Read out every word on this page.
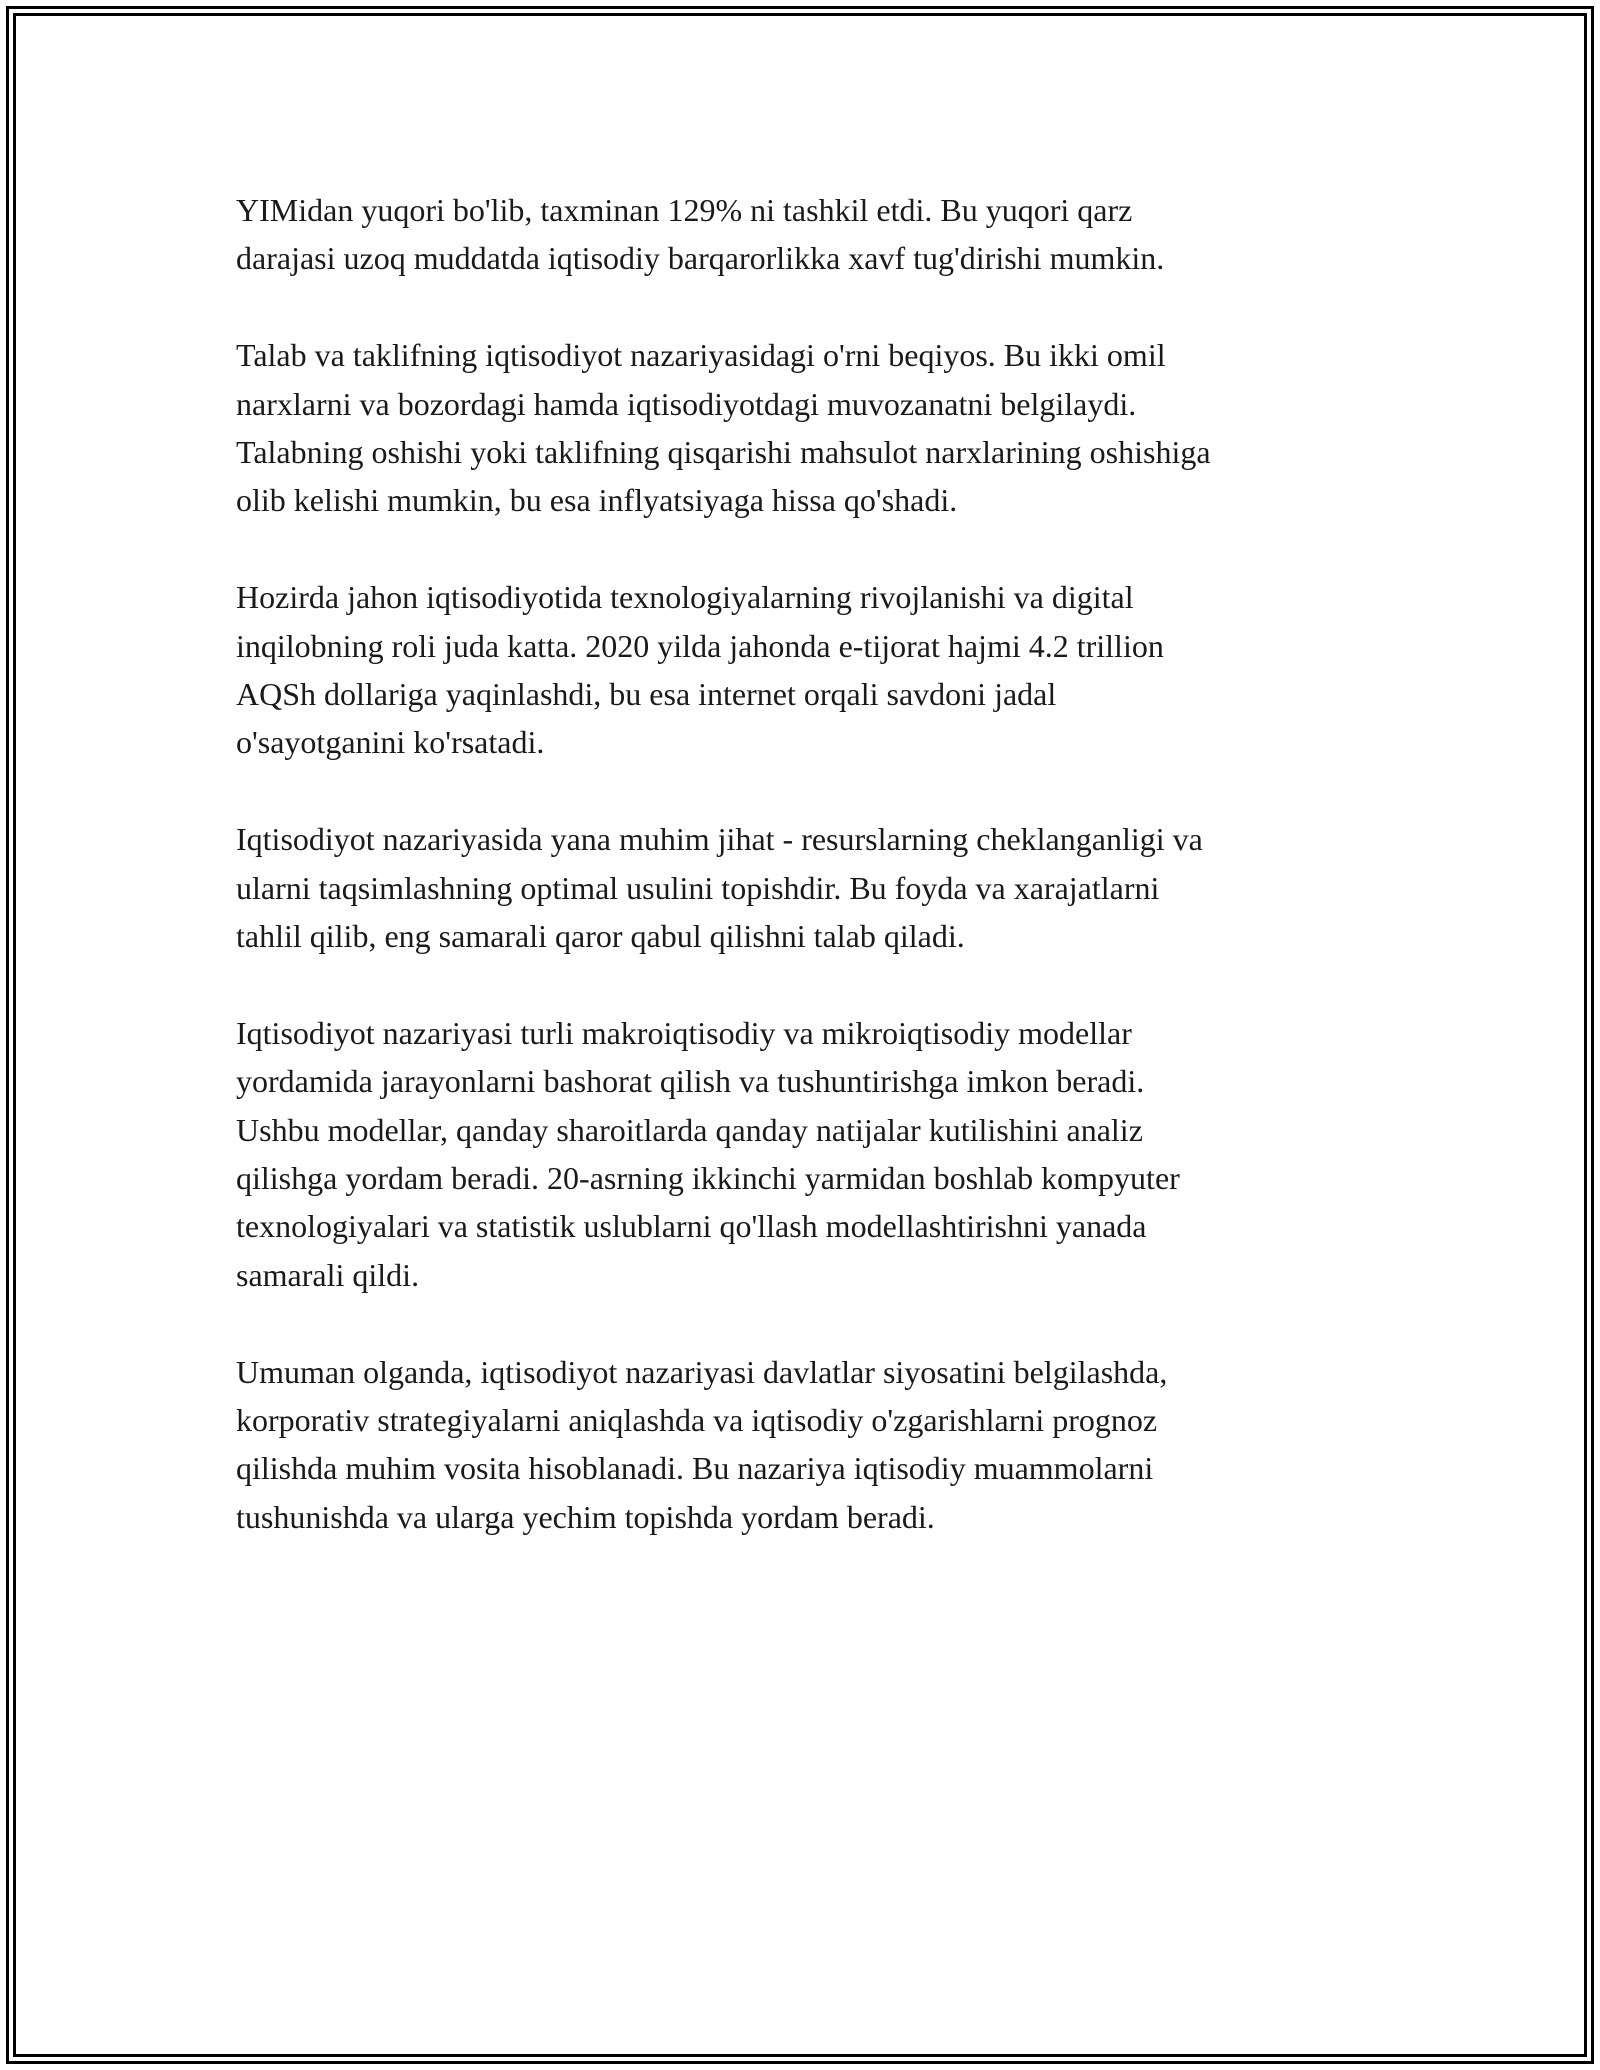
YIMidan yuqori bo'lib, taxminan 129% ni tashkil etdi. Bu yuqori qarz
darajasi uzoq muddatda iqtisodiy barqarorlikka xavf tug'dirishi mumkin.

Talab va taklifning iqtisodiyot nazariyasidagi o'rni beqiyos. Bu ikki omil
narxlarni va bozordagi hamda iqtisodiyotdagi muvozanatni belgilaydi.
Talabning oshishi yoki taklifning qisqarishi mahsulot narxlarining oshishiga
olib kelishi mumkin, bu esa inflyatsiyaga hissa qo'shadi.

Hozirda jahon iqtisodiyotida texnologiyalarning rivojlanishi va digital
inqilobning roli juda katta. 2020 yilda jahonda e-tijorat hajmi 4.2 trillion
AQSh dollariga yaqinlashdi, bu esa internet orqali savdoni jadal
o'sayotganini ko'rsatadi.

Iqtisodiyot nazariyasida yana muhim jihat - resurslarning cheklanganligi va
ularni taqsimlashning optimal usulini topishdir. Bu foyda va xarajatlarni
tahlil qilib, eng samarali qaror qabul qilishni talab qiladi.

Iqtisodiyot nazariyasi turli makroiqtisodiy va mikroiqtisodiy modellar
yordamida jarayonlarni bashorat qilish va tushuntirishga imkon beradi.
Ushbu modellar, qanday sharoitlarda qanday natijalar kutilishini analiz
qilishga yordam beradi. 20-asrning ikkinchi yarmidan boshlab kompyuter
texnologiyalari va statistik uslublarni qo'llash modellashtirishni yanada
samarali qildi.

Umuman olganda, iqtisodiyot nazariyasi davlatlar siyosatini belgilashda,
korporativ strategiyalarni aniqlashda va iqtisodiy o'zgarishlarni prognoz
qilishda muhim vosita hisoblanadi. Bu nazariya iqtisodiy muammolarni
tushunishda va ularga yechim topishda yordam beradi.
